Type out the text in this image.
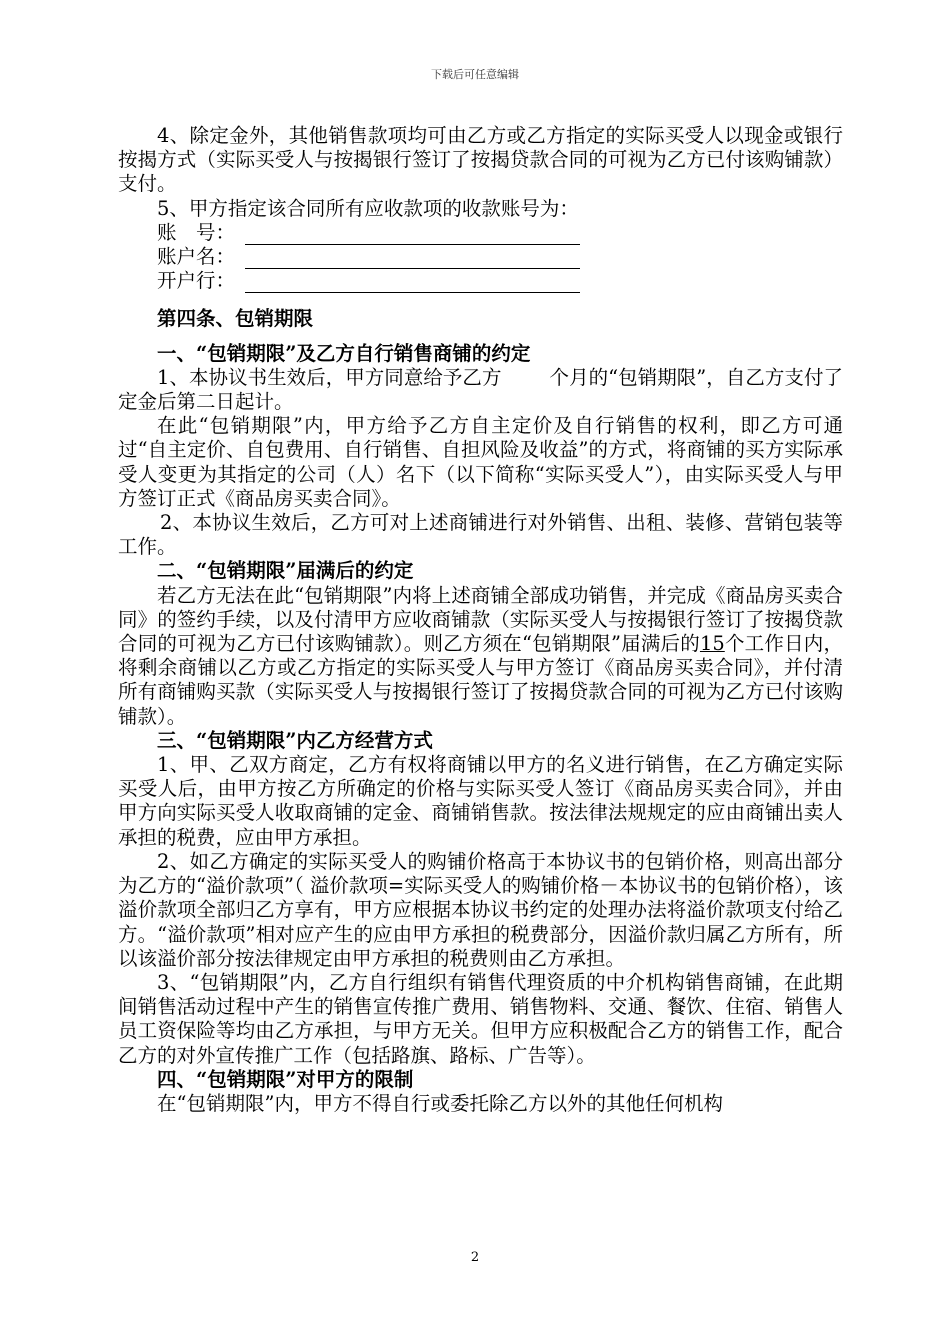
下载后可任意编辑

4、除定金外，其他销售款项均可由乙方或乙方指定的实际买受人以现金或银行按揭方式（实际买受人与按揭银行签订了按揭贷款合同的可视为乙方已付该购铺款）支付。

5、甲方指定该合同所有应收款项的收款账号为：

账　号：
账户名：
开户行：

第四条、包销期限

一、“包销期限”及乙方自行销售商铺的约定

1、本协议书生效后，甲方同意给予乙方 个月的“包销期限”，自乙方支付了定金后第二日起计。

在此“包销期限”内，甲方给予乙方自主定价及自行销售的权利，即乙方可通过“自主定价、自包费用、自行销售、自担风险及收益”的方式，将商铺的买方实际承受人变更为其指定的公司（人）名下（以下简称“实际买受人”），由实际买受人与甲方签订正式《商品房买卖合同》。

2、本协议生效后，乙方可对上述商铺进行对外销售、出租、装修、营销包装等工作。

二、“包销期限”届满后的约定

若乙方无法在此“包销期限”内将上述商铺全部成功销售，并完成《商品房买卖合同》的签约手续，以及付清甲方应收商铺款（实际买受人与按揭银行签订了按揭贷款合同的可视为乙方已付该购铺款）。则乙方须在“包销期限”届满后的15个工作日内，将剩余商铺以乙方或乙方指定的实际买受人与甲方签订《商品房买卖合同》，并付清所有商铺购买款（实际买受人与按揭银行签订了按揭贷款合同的可视为乙方已付该购铺款）。

三、“包销期限”内乙方经营方式

1、甲、乙双方商定，乙方有权将商铺以甲方的名义进行销售，在乙方确定实际买受人后，由甲方按乙方所确定的价格与实际买受人签订《商品房买卖合同》，并由甲方向实际买受人收取商铺的定金、商铺销售款。按法律法规规定的应由商铺出卖人承担的税费，应由甲方承担。

2、如乙方确定的实际买受人的购铺价格高于本协议书的包销价格，则高出部分为乙方的“溢价款项”（ 溢价款项=实际买受人的购铺价格－本协议书的包销价格），该溢价款项全部归乙方享有，甲方应根据本协议书约定的处理办法将溢价款项支付给乙方。“溢价款项”相对应产生的应由甲方承担的税费部分，因溢价款归属乙方所有，所以该溢价部分按法律规定由甲方承担的税费则由乙方承担。

3、“包销期限”内，乙方自行组织有销售代理资质的中介机构销售商铺，在此期间销售活动过程中产生的销售宣传推广费用、销售物料、交通、餐饮、住宿、销售人员工资保险等均由乙方承担，与甲方无关。但甲方应积极配合乙方的销售工作，配合乙方的对外宣传推广工作（包括路旗、路标、广告等）。

四、“包销期限”对甲方的限制

在“包销期限”内，甲方不得自行或委托除乙方以外的其他任何机构

2
